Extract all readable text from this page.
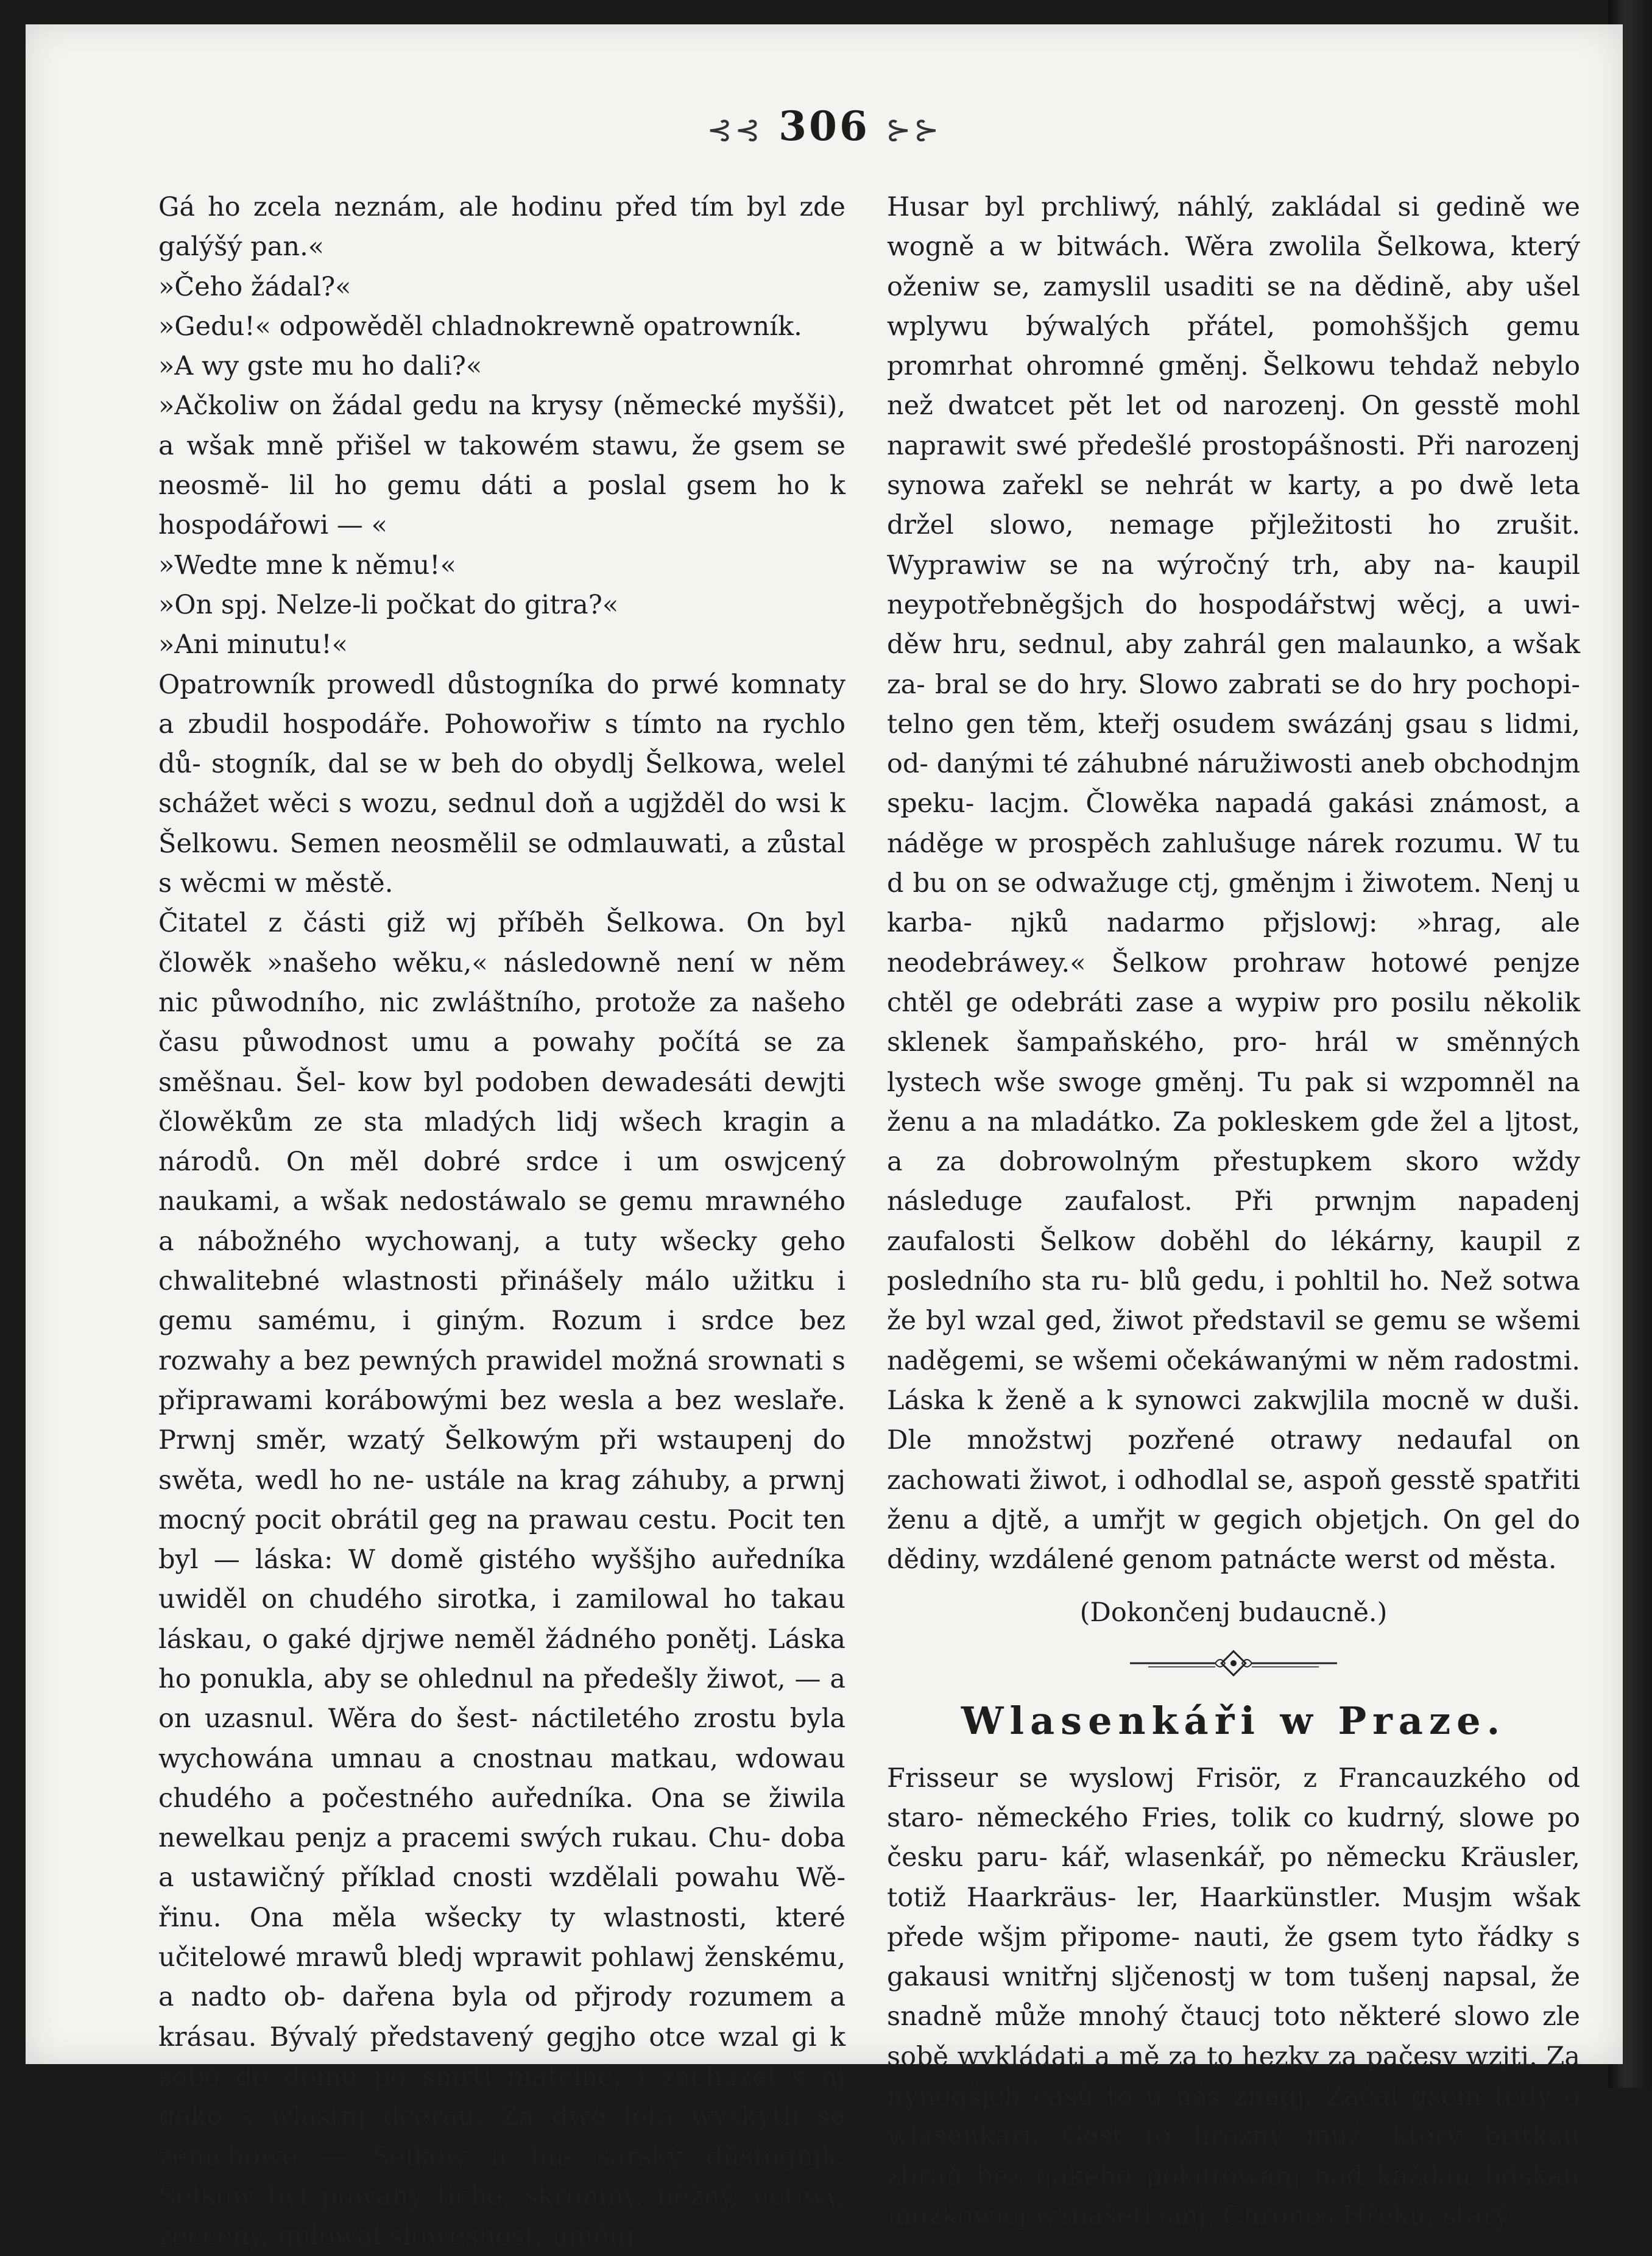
⊰⊰ 306 ⊱⊱

Gá ho zcela neznám, ale hodinu před tím byl zde galýšý pan.«

»Čeho žádal?«

»Gedu!« odpowěděl chladnokrewně opatrowník.

»A wy gste mu ho dali?«

»Ačkoliw on žádal gedu na krysy (německé myšši), a wšak mně přišel w takowém stawu, že gsem se neosmě- lil ho gemu dáti a poslal gsem ho k hospodářowi — «

»Wedte mne k němu!«

»On spj. Nelze-li počkat do gitra?«

»Ani minutu!«

Opatrowník prowedl důstogníka do prwé komnaty a zbudil hospodáře. Pohowořiw s tímto na rychlo dů- stogník, dal se w beh do obydlj Šelkowa, welel schážet wěci s wozu, sednul doň a ugjžděl do wsi k Šelkowu. Semen neosmělil se odmlauwati, a zůstal s wěcmi w městě.

Čitatel z části giž wj příběh Šelkowa. On byl člowěk »našeho wěku,« následowně není w něm nic půwodního, nic zwláštního, protože za našeho času půwodnost umu a powahy počítá se za směšnau. Šel- kow byl podoben dewadesáti dewjti člowěkům ze sta mladých lidj wšech kragin a národů. On měl dobré srdce i um oswjcený naukami, a wšak nedostáwalo se gemu mrawného a nábožného wychowanj, a tuty wšecky geho chwalitebné wlastnosti přinášely málo užitku i gemu samému, i giným. Rozum i srdce bez rozwahy a bez pewných prawidel možná srownati s připrawami korábowými bez wesla a bez weslaře. Prwnj směr, wzatý Šelkowým při wstaupenj do swěta, wedl ho ne- ustále na krag záhuby, a prwnj mocný pocit obrátil geg na prawau cestu. Pocit ten byl — láska: W domě gistého wyššjho auředníka uwiděl on chudého sirotka, i zamilowal ho takau láskau, o gaké djrjwe neměl žádného ponětj. Láska ho ponukla, aby se ohlednul na předešly žiwot, — a on uzasnul. Wěra do šest- náctiletého zrostu byla wychowána umnau a cnostnau matkau, wdowau chudého a počestného auředníka. Ona se žiwila newelkau penjz a pracemi swých rukau. Chu- doba a ustawičný příklad cnosti wzdělali powahu Wě- řinu. Ona měla wšecky ty wlastnosti, které učitelowé mrawů bledj wprawit pohlawj ženskému, a nadto ob- dařena byla od přjrody rozumem a krásau. Bývalý představený gegjho otce wzal gi k sobě do domu po smrti matčině, i zacházel s nj gako s wlastnj dcerau. Za dwě leta wyskytli se ženichowé — Šelkow a hu- sarský důstognjk. Šelkow byl powahy tiché, skromný, něžný, uctiwý, zeccený, milowal slowesnost, uměnj.

Husar byl prchliwý, náhlý, zakládal si gedině we wogně a w bitwách. Wěra zwolila Šelkowa, který oženiw se, zamyslil usaditi se na dědině, aby ušel wplywu býwalých přátel, pomohššjch gemu promrhat ohromné gměnj. Šelkowu tehdaž nebylo než dwatcet pět let od narozenj. On gesstě mohl naprawit swé předešlé prostopášnosti. Při narozenj synowa zařekl se nehrát w karty, a po dwě leta držel slowo, nemage přjležitosti ho zrušit. Wyprawiw se na wýročný trh, aby na- kaupil neypotřebněgšjch do hospodářstwj wěcj, a uwi- děw hru, sednul, aby zahrál gen malaunko, a wšak za- bral se do hry. Slowo zabrati se do hry pochopi- telno gen těm, kteřj osudem swázánj gsau s lidmi, od- danými té záhubné náružiwosti aneb obchodnjm speku- lacjm. Člowěka napadá gakási známost, a náděge w prospěch zahlušuge nárek rozumu. W tu d bu on se odwažuge ctj, gměnjm i žiwotem. Nenj u karba- njků nadarmo přjslowj: »hrag, ale neodebráwey.« Šelkow prohraw hotowé penjze chtěl ge odebráti zase a wypiw pro posilu několik sklenek šampaňského, pro- hrál w směnných lystech wše swoge gměnj. Tu pak si wzpomněl na ženu a na mladátko. Za pokleskem gde žel a ljtost, a za dobrowolným přestupkem skoro wždy následuge zaufalost. Při prwnjm napadenj zaufalosti Šelkow doběhl do lékárny, kaupil z posledního sta ru- blů gedu, i pohltil ho. Než sotwa že byl wzal ged, žiwot představil se gemu se wšemi naděgemi, se wšemi očekáwanými w něm radostmi. Láska k ženě a k synowci zakwjlila mocně w duši. Dle množstwj pozřené otrawy nedaufal on zachowati žiwot, i odhodlal se, aspoň gesstě spatřiti ženu a djtě, a umřjt w gegich objetjch. On gel do dědiny, wzdálené genom patnácte werst od města.

(Dokončenj budaucně.)
Wlasenkáři w Praze.

Frisseur se wyslowj Frisör, z Francauzkého od staro- německého Fries, tolik co kudrný, slowe po česku paru- kář, wlasenkář, po německu Kräusler, totiž Haarkräus- ler, Haarkünstler. Musjm wšak přede wšjm připome- nauti, že gsem tyto řádky s gakausi wnitřnj sljčenostj w tom tušenj napsal, že snadně může mnohý čtaucj toto některé slowo zle sobě wykládati a mě za to hezky za pačesy wzjti. Za nynégšjch časů to u nás znagj. Začal gsem tedy o wlasenkáři. Gest to hrozný muž, který britkau zbraň bez gakého pokutowánj nad každau lidskau mozkowicj wznášeti smj. Chronos Hřekü, starý
